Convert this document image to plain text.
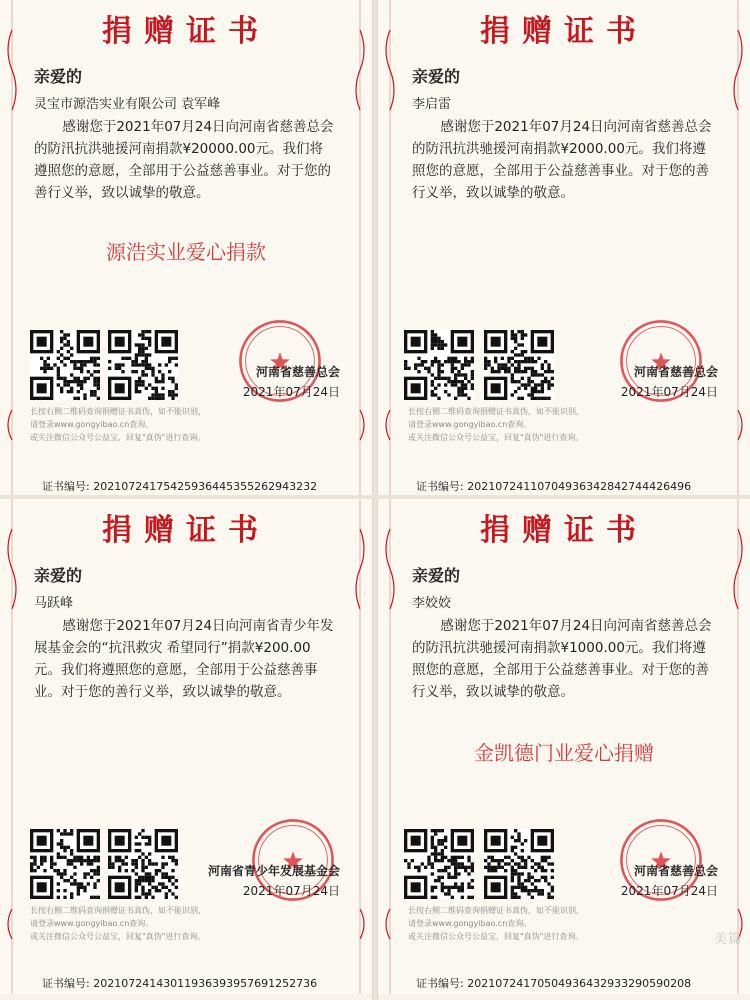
捐赠证书
亲爱的
灵宝市源浩实业有限公司 袁军峰
感谢您于2021年07月24日向河南省慈善总会的防汛抗洪驰援河南捐款¥20000.00元。我们将遵照您的意愿，全部用于公益慈善事业。对于您的善行义举，致以诚挚的敬意。
源浩实业爱心捐款
河南省慈善总会
2021年07月24日
长按右侧二维码查询捐赠证书真伪，如不能识别，
请登录www.gongyibao.cn查询。
或关注微信公众号公益宝，回复"真伪"进行查询。
证书编号: 20210724175425936445355262943232
捐赠证书
亲爱的
李启雷
感谢您于2021年07月24日向河南省慈善总会的防汛抗洪驰援河南捐款¥2000.00元。我们将遵照您的意愿，全部用于公益慈善事业。对于您的善行义举，致以诚挚的敬意。
河南省慈善总会
2021年07月24日
长按右侧二维码查询捐赠证书真伪，如不能识别，
请登录www.gongyibao.cn查询。
或关注微信公众号公益宝，回复"真伪"进行查询。
证书编号: 20210724110704936342842744426496
捐赠证书
亲爱的
马跃峰
感谢您于2021年07月24日向河南省青少年发展基金会的“抗汛救灾 希望同行”捐款¥200.00元。我们将遵照您的意愿，全部用于公益慈善事业。对于您的善行义举，致以诚挚的敬意。
河南省青少年发展基金会
2021年07月24日
长按右侧二维码查询捐赠证书真伪，如不能识别，
请登录www.gongyibao.cn查询。
或关注微信公众号公益宝，回复"真伪"进行查询。
证书编号: 20210724143011936393957691252736
捐赠证书
亲爱的
李姣姣
感谢您于2021年07月24日向河南省慈善总会的防汛抗洪驰援河南捐款¥1000.00元。我们将遵照您的意愿，全部用于公益慈善事业。对于您的善行义举，致以诚挚的敬意。
金凯德门业爱心捐赠
河南省慈善总会
2021年07月24日
长按右侧二维码查询捐赠证书真伪，如不能识别，
请登录www.gongyibao.cn查询。
或关注微信公众号公益宝，回复"真伪"进行查询。
证书编号: 20210724170504936432933290590208
美篇
